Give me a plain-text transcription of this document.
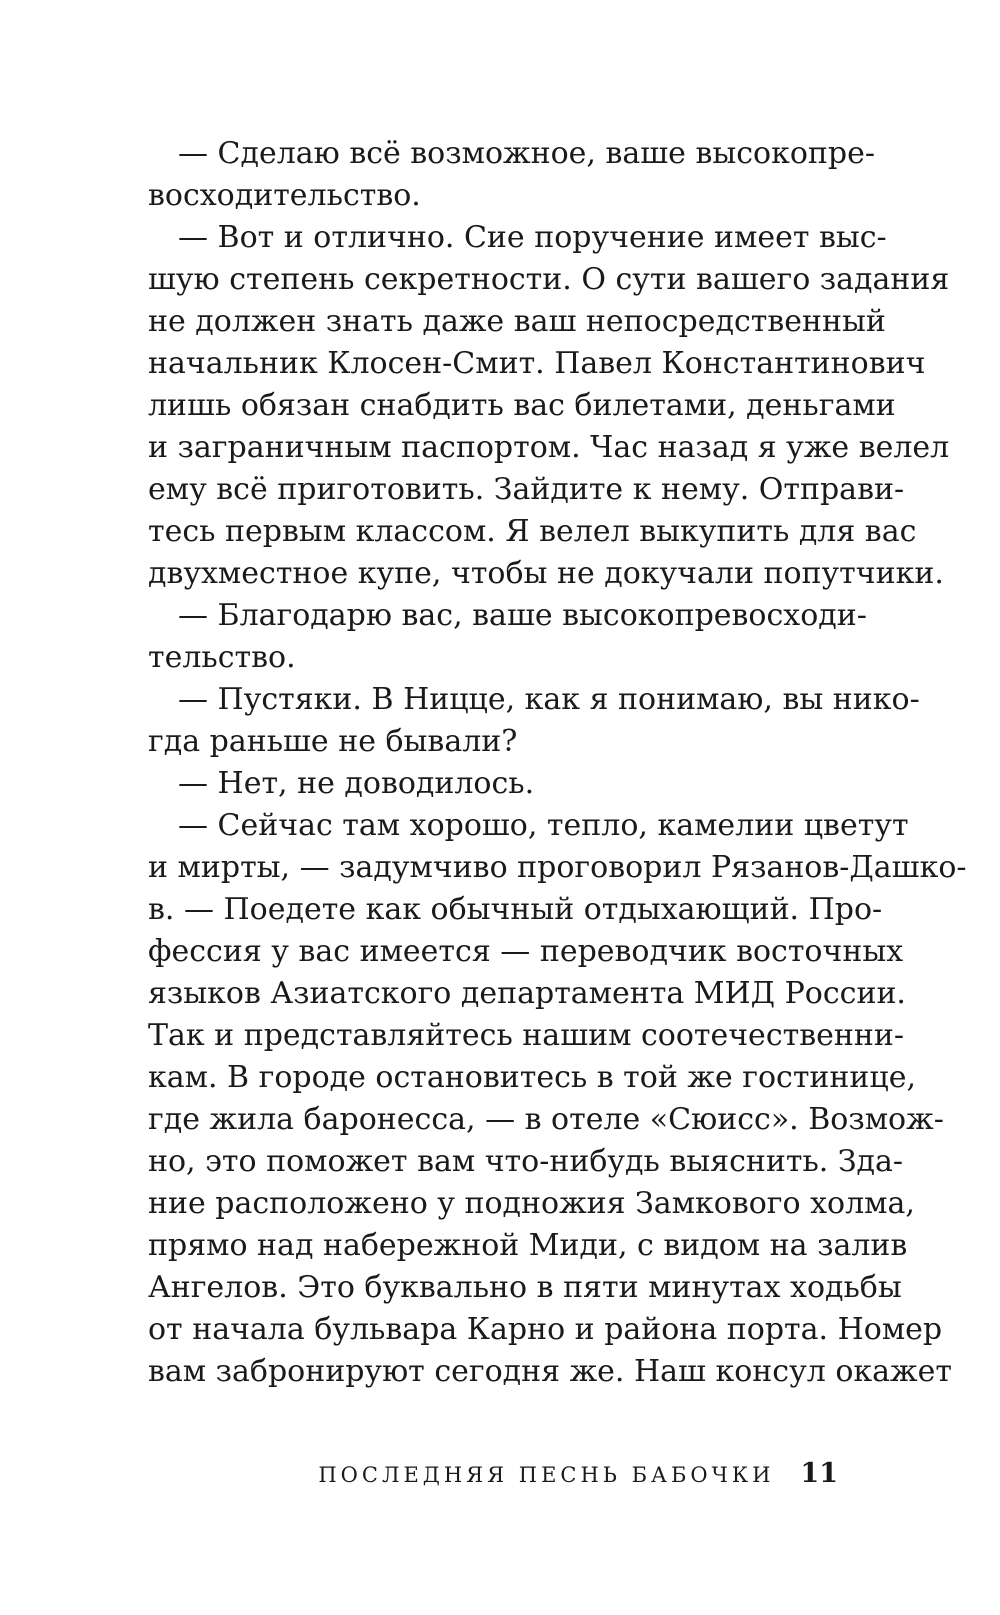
— Сделаю всё возможное, ваше высокопре-
восходительство.
— Вот и отлично. Сие поручение имеет выс-
шую степень секретности. О сути вашего задания
не должен знать даже ваш непосредственный
начальник Клосен-Смит. Павел Константинович
лишь обязан снабдить вас билетами, деньгами
и заграничным паспортом. Час назад я уже велел
ему всё приготовить. Зайдите к нему. Отправи-
тесь первым классом. Я велел выкупить для вас
двухместное купе, чтобы не докучали попутчики.
— Благодарю вас, ваше высокопревосходи-
тельство.
— Пустяки. В Ницце, как я понимаю, вы нико-
гда раньше не бывали?
— Нет, не доводилось.
— Сейчас там хорошо, тепло, камелии цветут
и мирты, — задумчиво проговорил Рязанов-Дашко-
в. — Поедете как обычный отдыхающий. Про-
фессия у вас имеется — переводчик восточных
языков Азиатского департамента МИД России.
Так и представляйтесь нашим соотечественни-
кам. В городе остановитесь в той же гостинице,
где жила баронесса, — в отеле «Сюисс». Возмож-
но, это поможет вам что-нибудь выяснить. Зда-
ние расположено у подножия Замкового холма,
прямо над набережной Миди, с видом на залив
Ангелов. Это буквально в пяти минутах ходьбы
от начала бульвара Карно и района порта. Номер
вам забронируют сегодня же. Наш консул окажет
ПОСЛЕДНЯЯ ПЕСНЬ БАБОЧКИ 11
